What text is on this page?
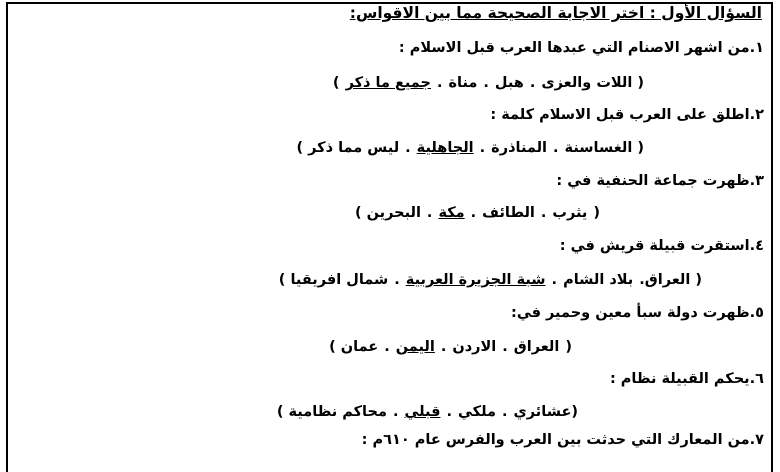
السؤال الأول : اختر الاجابة الصحيحة مما بين الاقواس:
١.من اشهر الاصنام التي عبدها العرب قبل الاسلام :
( اللات والعزى.هبل.مناة.جميع ما ذكر)
٢.اطلق على العرب قبل الاسلام كلمة :
( الغساسنة.المناذرة.الجاهلية.ليس مما ذكر )
٣.ظهرت جماعة الحنفية في :
(يثرب.الطائف.مكة.البحرين )
٤.استقرت قبيلة قريش في :
( العراق.بلاد الشام.شبة الجزيرة العربية.شمال افريقيا )
٥.ظهرت دولة سبأ معين وحمير في:
(العراق.الاردن.اليمن.عمان )
٦.يحكم القبيلة نظام :
(عشائري.ملكي.قبلي.محاكم نظامية )
٧.من المعارك التي حدثت بين العرب والفرس عام ٦١٠م :
